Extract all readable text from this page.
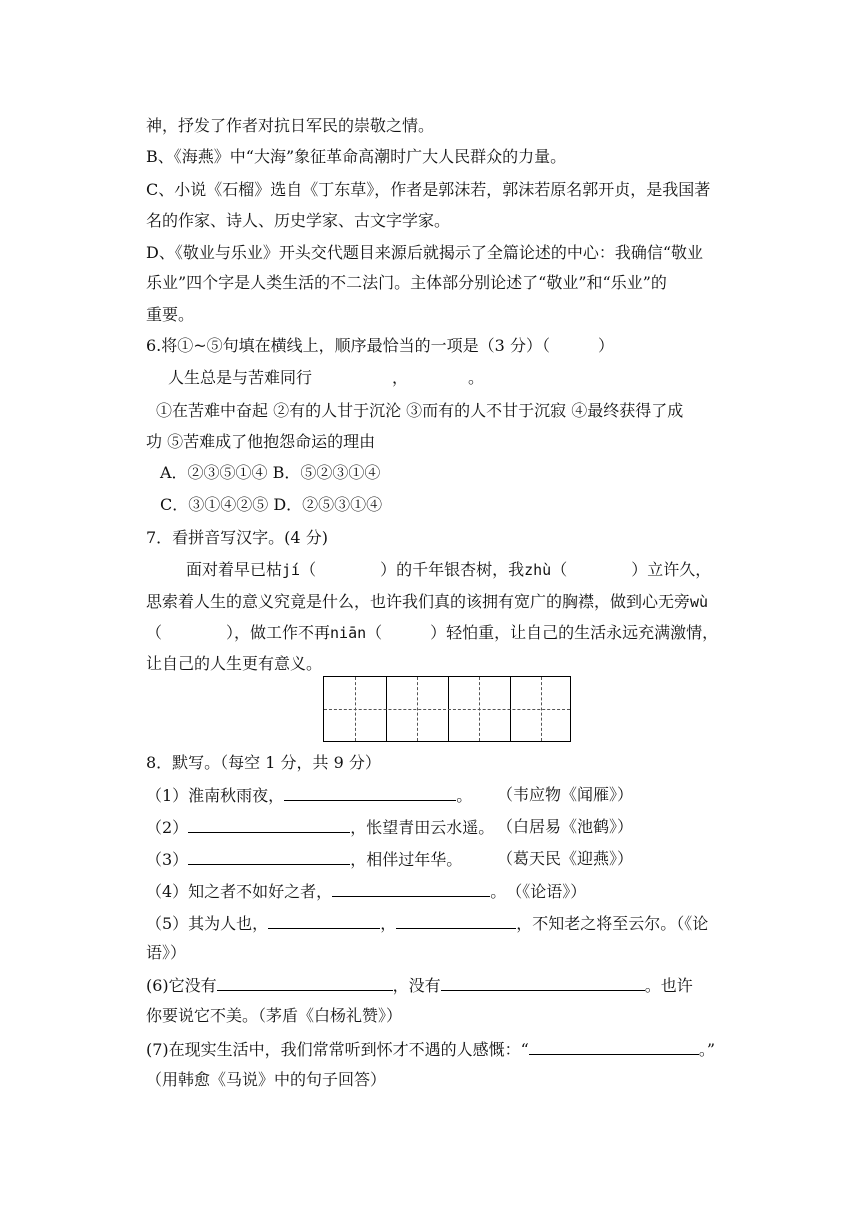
神，抒发了作者对抗日军民的崇敬之情。
B、《海燕》中“大海”象征革命高潮时广大人民群众的力量。
C、小说《石榴》选自《丁东草》，作者是郭沫若，郭沫若原名郭开贞，是我国著
名的作家、诗人、历史学家、古文字学家。
D、《敬业与乐业》开头交代题目来源后就揭示了全篇论述的中心：我确信“敬业
乐业”四个字是人类生活的不二法门。主体部分别论述了“敬业”和“乐业”的
重要。
6.将①~⑤句填在横线上，顺序最恰当的一项是（3 分）（　　　）
人生总是与苦难同行	，	。
①在苦难中奋起 ②有的人甘于沉沦 ③而有的人不甘于沉寂 ④最终获得了成
功 ⑤苦难成了他抱怨命运的理由
A．②③⑤①④ B．⑤②③①④
C．③①④②⑤ D．②⑤③①④
7．看拼音写汉字。(4 分)
面对着早已枯jí（　　　　）的千年银杏树，我zhù（　　　　）立许久，
思索着人生的意义究竟是什么，也许我们真的该拥有宽广的胸襟，做到心无旁wù
（　　　　），做工作不再niān（　　　）轻怕重，让自己的生活永远充满激情，
让自己的人生更有意义。
8．默写。（每空 1 分，共 9 分）
（1）淮南秋雨夜，	。 （韦应物《闻雁》）
（2）	，怅望青田云水遥。 （白居易《池鹤》）
（3）	，相伴过年华。 （葛天民《迎燕》）
（4）知之者不如好之者，	。　（《论语》）
（5）其为人也，	，	，不知老之将至云尔。（《论
语》）
(6)它没有	，没有	。也许
你要说它不美。（茅盾《白杨礼赞》）
(7)在现实生活中，我们常常听到怀才不遇的人感慨：“	。”
（用韩愈《马说》中的句子回答）
